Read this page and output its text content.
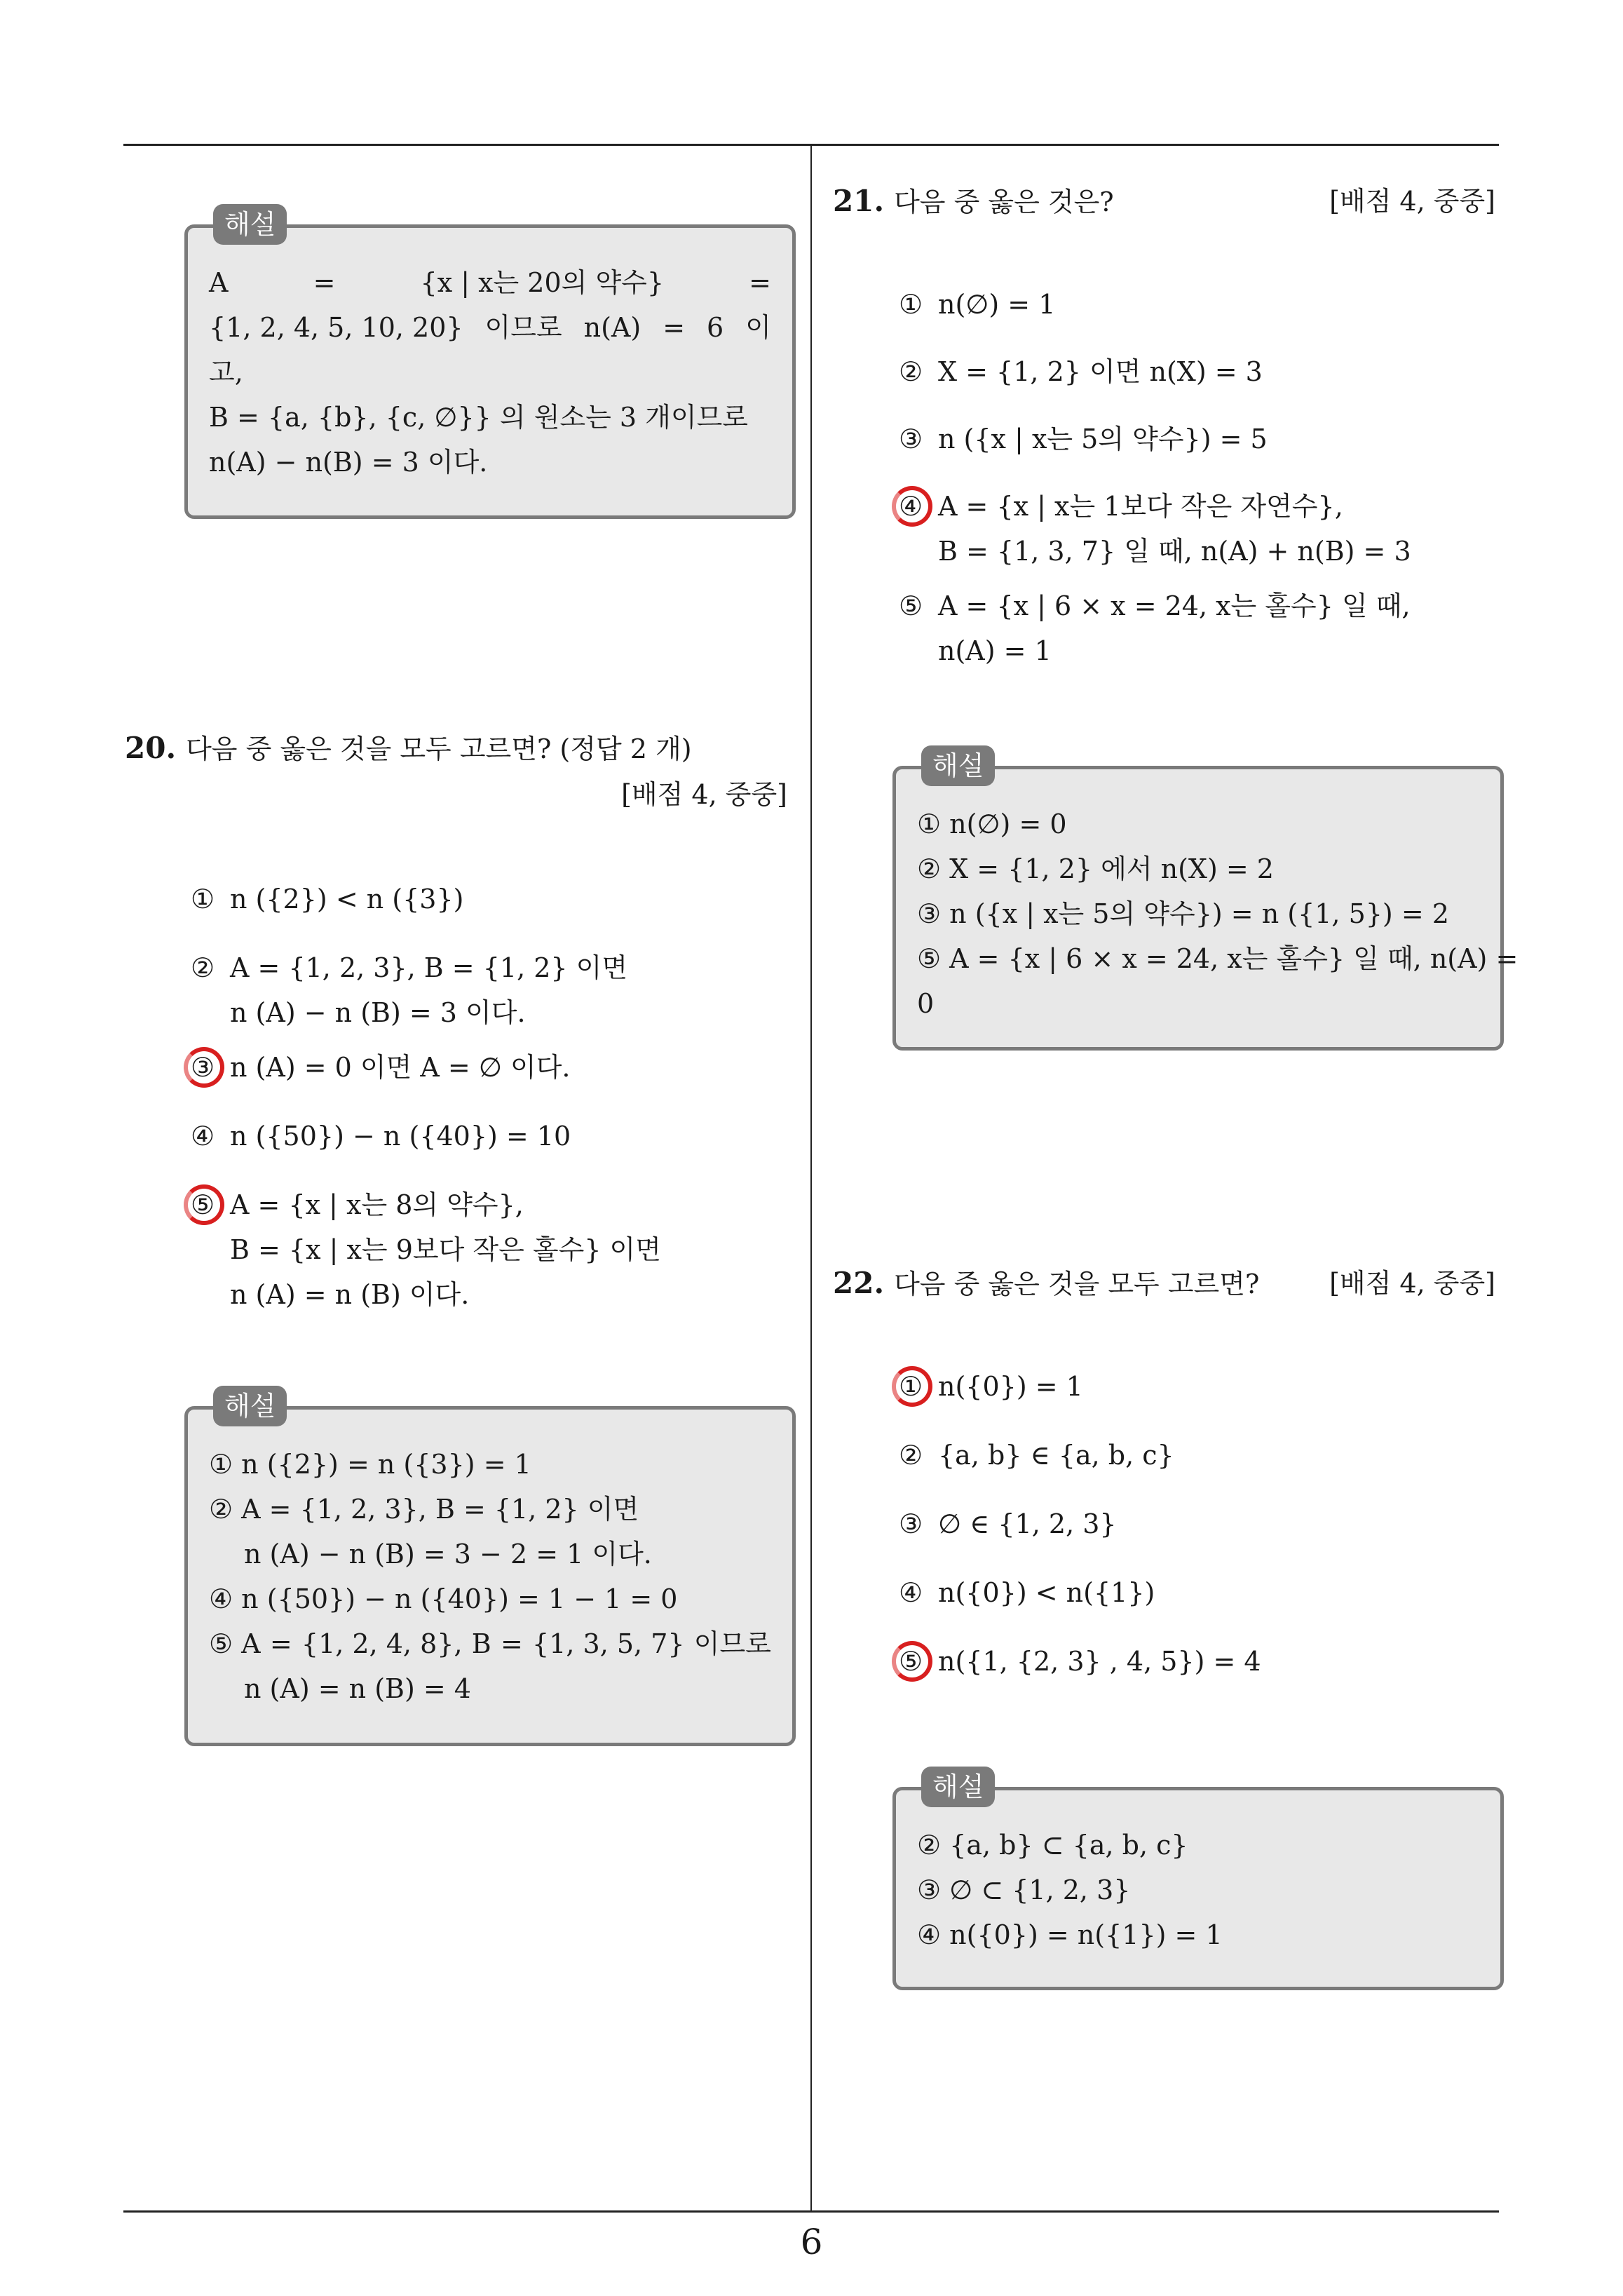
해설
A	=	{x | x는 20의 약수}	=
{1, 2, 4, 5, 10, 20} 이므로 n(A) = 6 이
고,
B = {a, {b}, {c, ∅}} 의 원소는 3 개이므로
n(A) − n(B) = 3 이다.
20. 다음 중 옳은 것을 모두 고르면? (정답 2 개)
[배점 4, 중중]
① n ({2}) < n ({3})
② A = {1, 2, 3}, B = {1, 2} 이면
n (A) − n (B) = 3 이다.
③ n (A) = 0 이면 A = ∅ 이다.
④ n ({50}) − n ({40}) = 10
⑤ A = {x | x는 8의 약수},
B = {x | x는 9보다 작은 홀수} 이면
n (A) = n (B) 이다.
해설
① n ({2}) = n ({3}) = 1
② A = {1, 2, 3}, B = {1, 2} 이면
n (A) − n (B) = 3 − 2 = 1 이다.
④ n ({50}) − n ({40}) = 1 − 1 = 0
⑤ A = {1, 2, 4, 8}, B = {1, 3, 5, 7} 이므로
n (A) = n (B) = 4
21. 다음 중 옳은 것은?	[배점 4, 중중]
① n(∅) = 1
② X = {1, 2} 이면 n(X) = 3
③ n ({x | x는 5의 약수}) = 5
④ A = {x | x는 1보다 작은 자연수},
B = {1, 3, 7} 일 때, n(A) + n(B) = 3
⑤ A = {x | 6 × x = 24, x는 홀수} 일 때,
n(A) = 1
해설
① n(∅) = 0
② X = {1, 2} 에서 n(X) = 2
③ n ({x | x는 5의 약수}) = n ({1, 5}) = 2
⑤ A = {x | 6 × x = 24, x는 홀수} 일 때, n(A) =
0
22. 다음 중 옳은 것을 모두 고르면?	[배점 4, 중중]
① n({0}) = 1
② {a, b} ∈ {a, b, c}
③ ∅ ∈ {1, 2, 3}
④ n({0}) < n({1})
⑤ n({1, {2, 3} , 4, 5}) = 4
해설
② {a, b} ⊂ {a, b, c}
③ ∅ ⊂ {1, 2, 3}
④ n({0}) = n({1}) = 1
6
